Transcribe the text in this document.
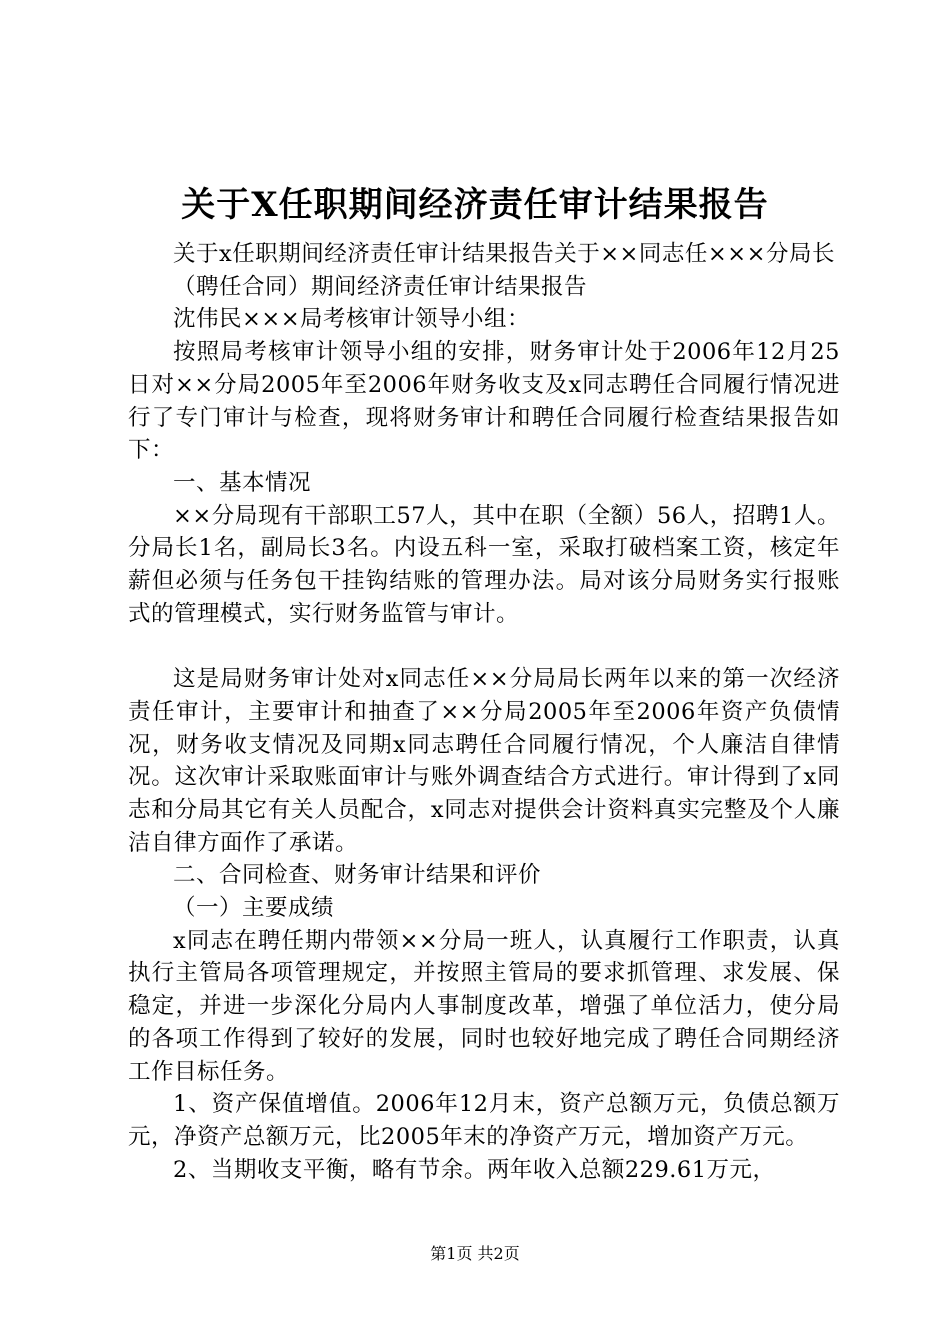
关于X任职期间经济责任审计结果报告

关于x任职期间经济责任审计结果报告关于××同志任×××分局长

（聘任合同）期间经济责任审计结果报告

沈伟民×××局考核审计领导小组：

按照局考核审计领导小组的安排，财务审计处于2006年12月25日对××分局2005年至2006年财务收支及x同志聘任合同履行情况进行了专门审计与检查，现将财务审计和聘任合同履行检查结果报告如下：

一、基本情况

××分局现有干部职工57人，其中在职（全额）56人，招聘1人。分局长1名，副局长3名。内设五科一室，采取打破档案工资，核定年薪但必须与任务包干挂钩结账的管理办法。局对该分局财务实行报账式的管理模式，实行财务监管与审计。

这是局财务审计处对x同志任××分局局长两年以来的第一次经济责任审计，主要审计和抽查了××分局2005年至2006年资产负债情况，财务收支情况及同期x同志聘任合同履行情况，个人廉洁自律情况。这次审计采取账面审计与账外调查结合方式进行。审计得到了x同志和分局其它有关人员配合，x同志对提供会计资料真实完整及个人廉洁自律方面作了承诺。

二、合同检查、财务审计结果和评价

（一）主要成绩

x同志在聘任期内带领××分局一班人，认真履行工作职责，认真执行主管局各项管理规定，并按照主管局的要求抓管理、求发展、保稳定，并进一步深化分局内人事制度改革，增强了单位活力，使分局的各项工作得到了较好的发展，同时也较好地完成了聘任合同期经济工作目标任务。

1、资产保值增值。2006年12月末，资产总额万元，负债总额万元，净资产总额万元，比2005年末的净资产万元，增加资产万元。

2、当期收支平衡，略有节余。两年收入总额229.61万元，

第1页 共2页
